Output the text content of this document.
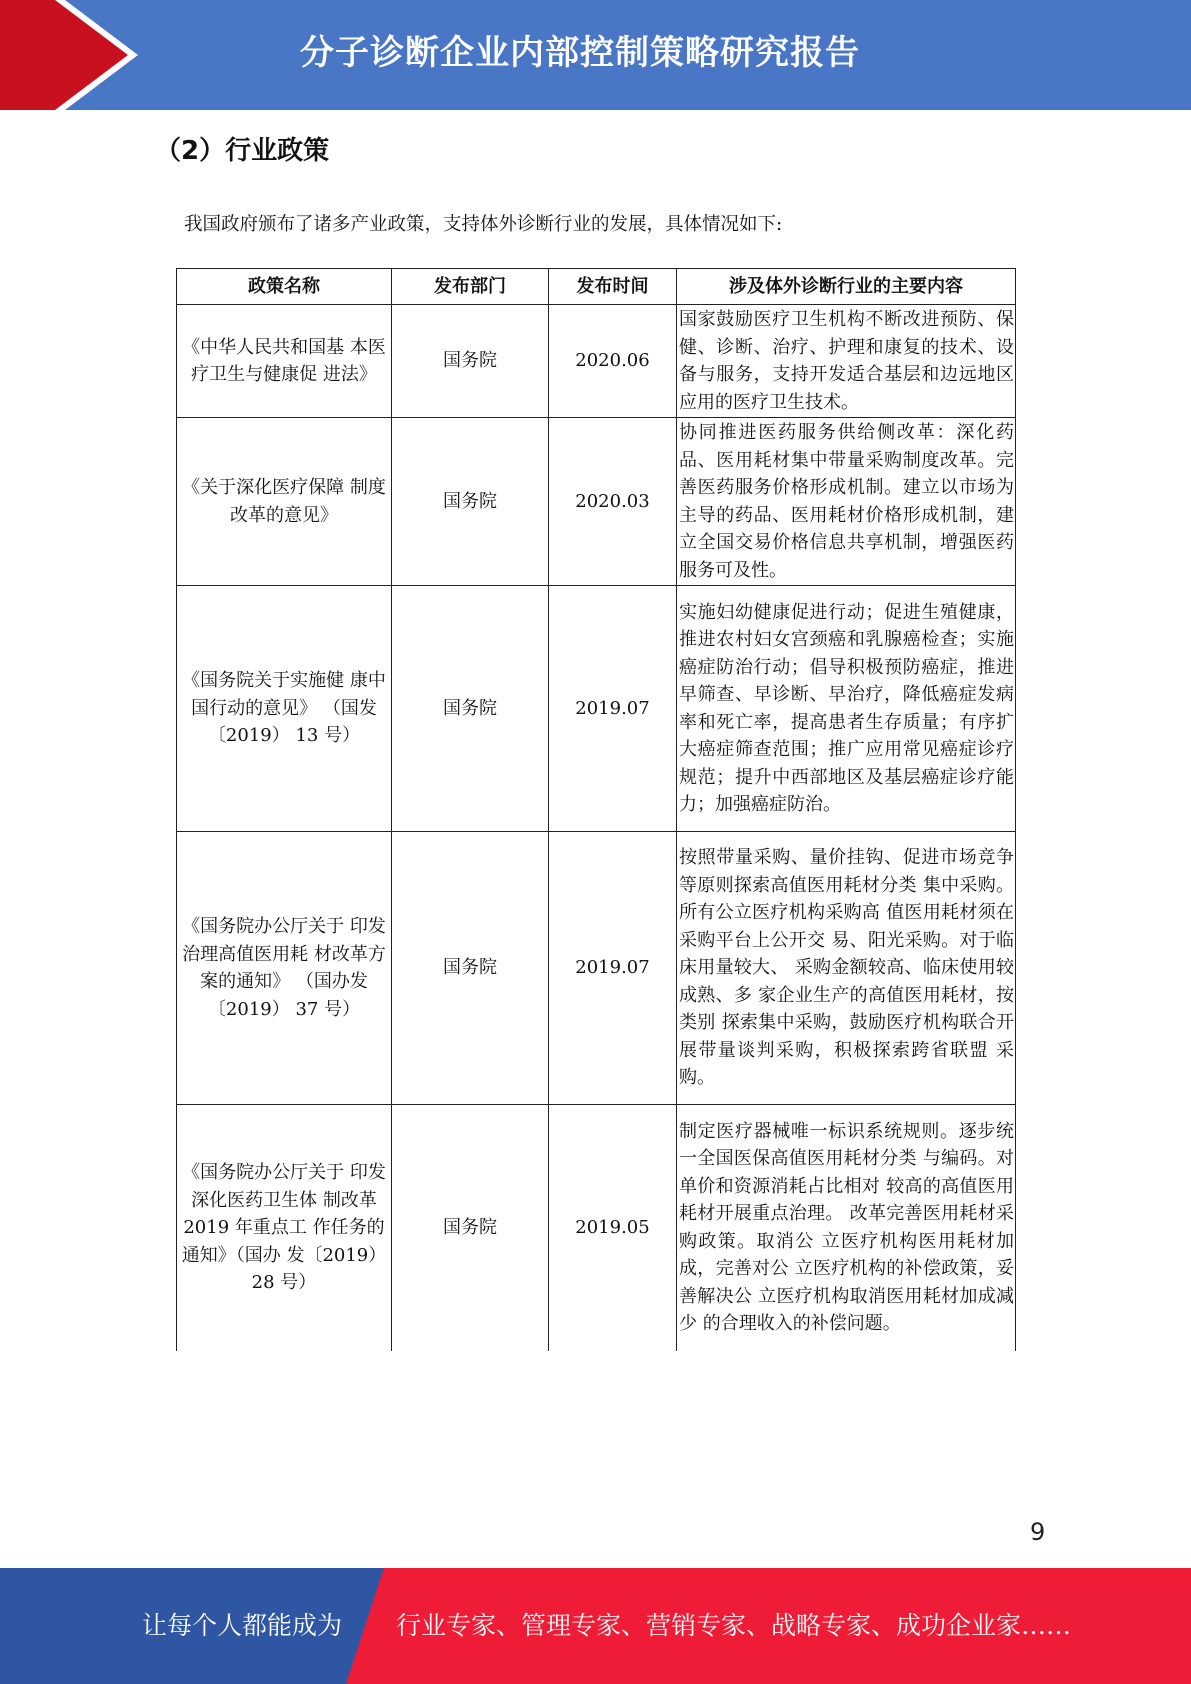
分子诊断企业内部控制策略研究报告
（2）行业政策
我国政府颁布了诸多产业政策，支持体外诊断行业的发展，具体情况如下:
政策名称	发布部门	发布时间	涉及体外诊断行业的主要内容
《中华人民共和国基 本医疗卫生与健康促 进法》	国务院	2020.06	国家鼓励医疗卫生机构不断改进预防、保健、诊断、治疗、护理和康复的技术、设备与服务，支持开发适合基层和边远地区应用的医疗卫生技术。
《关于深化医疗保障 制度改革的意见》	国务院	2020.03	协同推进医药服务供给侧改革：深化药品、医用耗材集中带量采购制度改革。完善医药服务价格形成机制。建立以市场为主导的药品、医用耗材价格形成机制，建立全国交易价格信息共享机制，增强医药服务可及性。
《国务院关于实施健 康中国行动的意见》 （国发〔2019） 13 号）	国务院	2019.07	实施妇幼健康促进行动；促进生殖健康，推进农村妇女宫颈癌和乳腺癌检查；实施癌症防治行动；倡导积极预防癌症，推进早筛查、早诊断、早治疗，降低癌症发病率和死亡率，提高患者生存质量；有序扩大癌症筛查范围；推广应用常见癌症诊疗规范；提升中西部地区及基层癌症诊疗能力；加强癌症防治。
《国务院办公厅关于 印发治理高值医用耗 材改革方案的通知》 （国办发〔2019） 37 号）	国务院	2019.07	按照带量采购、量价挂钩、促进市场竞争等原则探索高值医用耗材分类 集中采购。所有公立医疗机构采购高 值医用耗材须在采购平台上公开交 易、阳光采购。对于临床用量较大、 采购金额较高、临床使用较成熟、多 家企业生产的高值医用耗材，按类别 探索集中采购，鼓励医疗机构联合开 展带量谈判采购，积极探索跨省联盟 采购。
《国务院办公厅关于 印发深化医药卫生体 制改革 2019 年重点工 作任务的通知》（国办 发〔2019） 28 号）	国务院	2019.05	制定医疗器械唯一标识系统规则。逐步统一全国医保高值医用耗材分类 与编码。对单价和资源消耗占比相对 较高的高值医用耗材开展重点治理。 改革完善医用耗材采购政策。取消公 立医疗机构医用耗材加成，完善对公 立医疗机构的补偿政策，妥善解决公 立医疗机构取消医用耗材加成减少 的合理收入的补偿问题。
9
让每个人都能成为 行业专家、管理专家、营销专家、战略专家、成功企业家……
